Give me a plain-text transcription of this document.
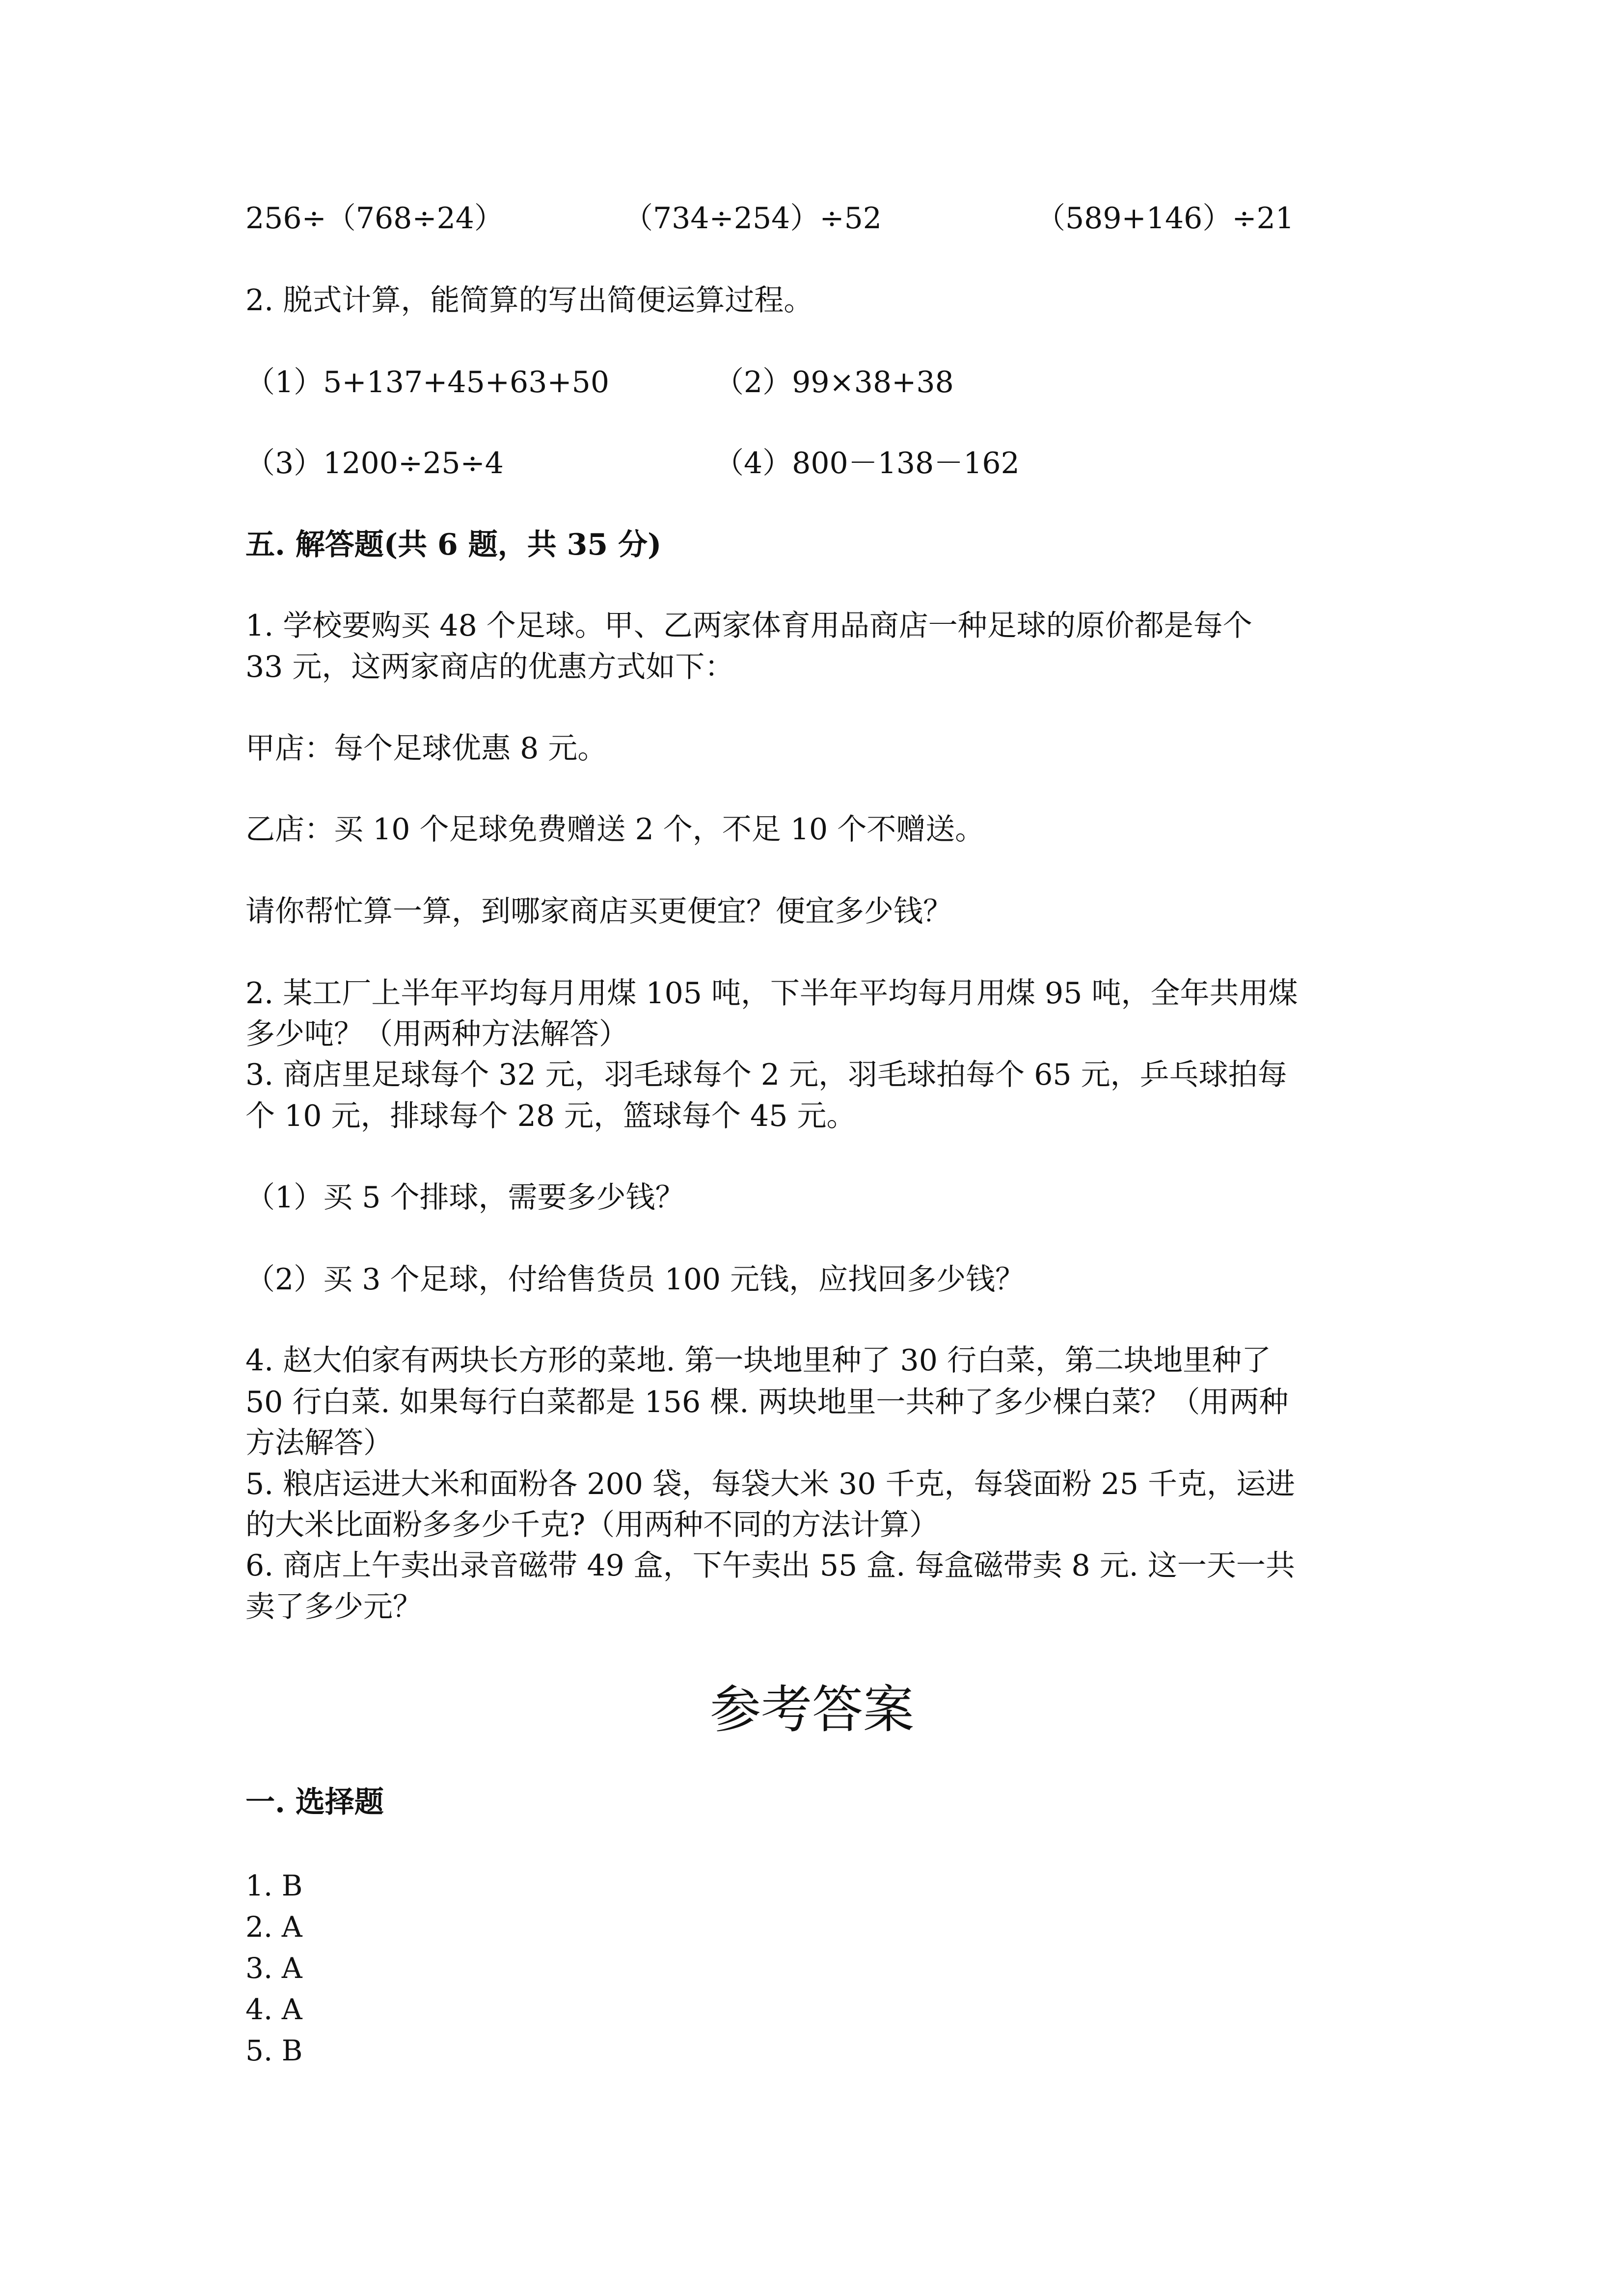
256÷（768÷24）	（734÷254）÷52	（589+146）÷21
2. 脱式计算，能简算的写出简便运算过程。
（1）5+137+45+63+50	（2）99×38+38
（3）1200÷25÷4	（4）800－138－162
五. 解答题(共 6 题，共 35 分)
1. 学校要购买 48 个足球。甲、乙两家体育用品商店一种足球的原价都是每个
33 元，这两家商店的优惠方式如下：
甲店：每个足球优惠 8 元。
乙店：买 10 个足球免费赠送 2 个，不足 10 个不赠送。
请你帮忙算一算，到哪家商店买更便宜？便宜多少钱？
2. 某工厂上半年平均每月用煤 105 吨，下半年平均每月用煤 95 吨，全年共用煤
多少吨？（用两种方法解答）
3. 商店里足球每个 32 元，羽毛球每个 2 元，羽毛球拍每个 65 元，乒乓球拍每
个 10 元，排球每个 28 元，篮球每个 45 元。
（1）买 5 个排球，需要多少钱？
（2）买 3 个足球，付给售货员 100 元钱，应找回多少钱？
4. 赵大伯家有两块长方形的菜地. 第一块地里种了 30 行白菜，第二块地里种了
50 行白菜. 如果每行白菜都是 156 棵. 两块地里一共种了多少棵白菜？（用两种
方法解答）
5. 粮店运进大米和面粉各 200 袋，每袋大米 30 千克，每袋面粉 25 千克，运进
的大米比面粉多多少千克?（用两种不同的方法计算）
6. 商店上午卖出录音磁带 49 盒，下午卖出 55 盒. 每盒磁带卖 8 元. 这一天一共
卖了多少元？
参考答案
一. 选择题
1. B
2. A
3. A
4. A
5. B
